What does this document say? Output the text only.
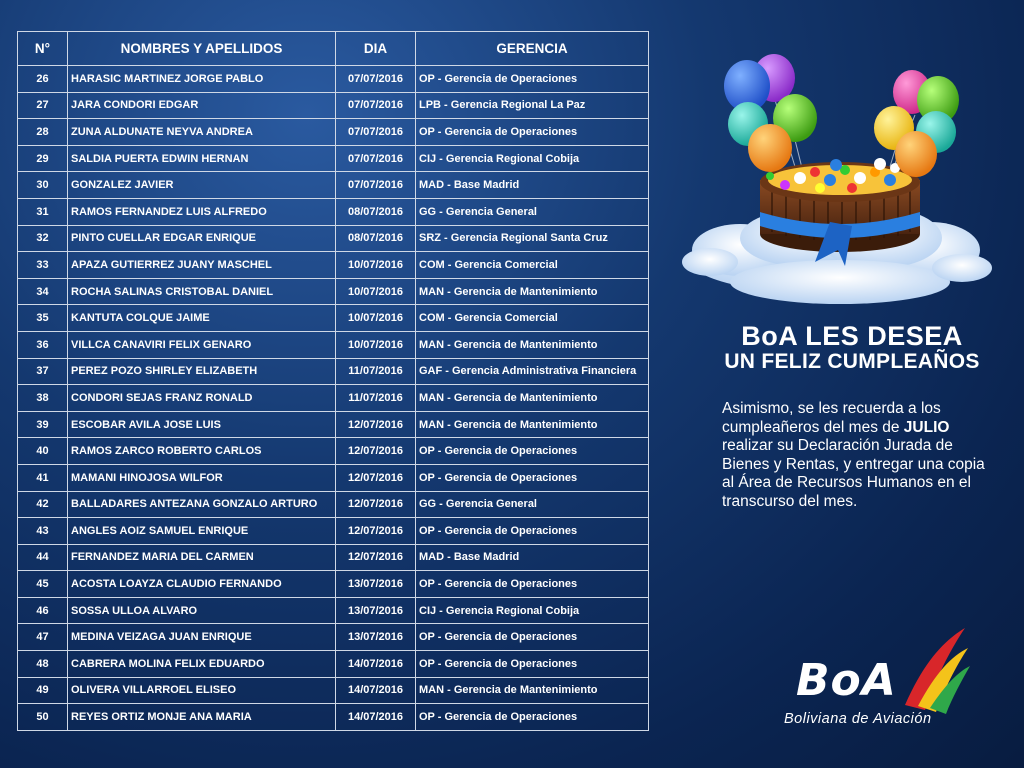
N°	NOMBRES Y APELLIDOS	DIA	GERENCIA
26	HARASIC MARTINEZ JORGE PABLO	07/07/2016	OP - Gerencia de Operaciones
27	JARA CONDORI EDGAR	07/07/2016	LPB - Gerencia Regional La Paz
28	ZUNA ALDUNATE NEYVA ANDREA	07/07/2016	OP - Gerencia de Operaciones
29	SALDIA PUERTA EDWIN HERNAN	07/07/2016	CIJ - Gerencia Regional Cobija
30	GONZALEZ JAVIER	07/07/2016	MAD - Base Madrid
31	RAMOS FERNANDEZ LUIS ALFREDO	08/07/2016	GG - Gerencia General
32	PINTO CUELLAR EDGAR ENRIQUE	08/07/2016	SRZ - Gerencia Regional Santa Cruz
33	APAZA GUTIERREZ JUANY MASCHEL	10/07/2016	COM - Gerencia Comercial
34	ROCHA SALINAS CRISTOBAL DANIEL	10/07/2016	MAN - Gerencia de Mantenimiento
35	KANTUTA COLQUE JAIME	10/07/2016	COM - Gerencia Comercial
36	VILLCA CANAVIRI FELIX GENARO	10/07/2016	MAN - Gerencia de Mantenimiento
37	PEREZ POZO SHIRLEY ELIZABETH	11/07/2016	GAF - Gerencia Administrativa Financiera
38	CONDORI SEJAS FRANZ RONALD	11/07/2016	MAN - Gerencia de Mantenimiento
39	ESCOBAR AVILA JOSE LUIS	12/07/2016	MAN - Gerencia de Mantenimiento
40	RAMOS ZARCO ROBERTO CARLOS	12/07/2016	OP - Gerencia de Operaciones
41	MAMANI HINOJOSA WILFOR	12/07/2016	OP - Gerencia de Operaciones
42	BALLADARES ANTEZANA GONZALO ARTURO	12/07/2016	GG - Gerencia General
43	ANGLES AOIZ SAMUEL ENRIQUE	12/07/2016	OP - Gerencia de Operaciones
44	FERNANDEZ MARIA DEL CARMEN	12/07/2016	MAD - Base Madrid
45	ACOSTA LOAYZA CLAUDIO FERNANDO	13/07/2016	OP - Gerencia de Operaciones
46	SOSSA ULLOA ALVARO	13/07/2016	CIJ - Gerencia Regional Cobija
47	MEDINA VEIZAGA JUAN ENRIQUE	13/07/2016	OP - Gerencia de Operaciones
48	CABRERA MOLINA FELIX EDUARDO	14/07/2016	OP - Gerencia de Operaciones
49	OLIVERA VILLARROEL ELISEO	14/07/2016	MAN - Gerencia de Mantenimiento
50	REYES ORTIZ MONJE ANA MARIA	14/07/2016	OP - Gerencia de Operaciones
BoA LES DESEA
UN FELIZ CUMPLEAÑOS
Asimismo, se les recuerda a los cumpleañeros del mes de JULIO realizar su Declaración Jurada de Bienes y Rentas, y entregar una copia al Área de Recursos Humanos en el transcurso del mes.
BoA
Boliviana de Aviación
